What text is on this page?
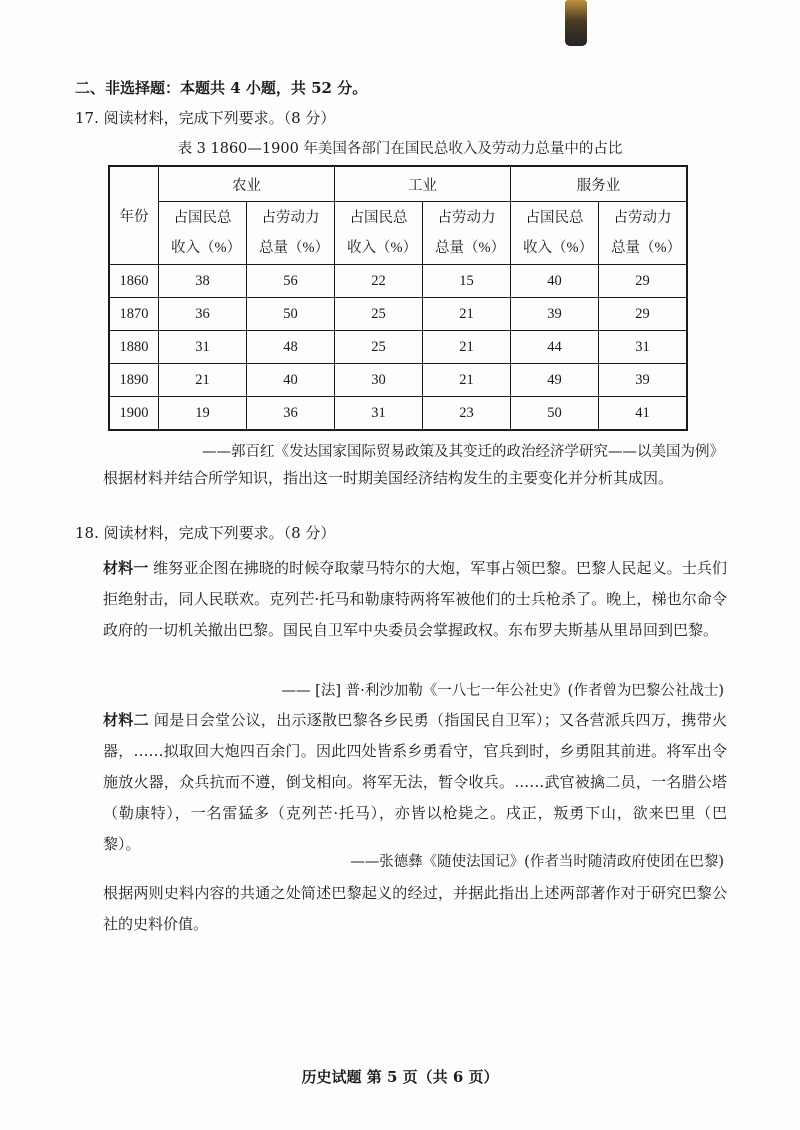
二、非选择题：本题共 4 小题，共 52 分。
17. 阅读材料，完成下列要求。（8 分）
表 3 1860—1900 年美国各部门在国民总收入及劳动力总量中的占比
年份	农业		工业		服务业	
	占国民总收入（%）	占劳动力总量（%）	占国民总收入（%）	占劳动力总量（%）	占国民总收入（%）	占劳动力总量（%）
1860	38	56	22	15	40	29
1870	36	50	25	21	39	29
1880	31	48	25	21	44	31
1890	21	40	30	21	49	39
1900	19	36	31	23	50	41
——郭百红《发达国家国际贸易政策及其变迁的政治经济学研究——以美国为例》
根据材料并结合所学知识，指出这一时期美国经济结构发生的主要变化并分析其成因。
18. 阅读材料，完成下列要求。（8 分）

材料一 维努亚企图在拂晓的时候夺取蒙马特尔的大炮，军事占领巴黎。巴黎人民起义。士兵们拒绝射击，同人民联欢。克列芒·托马和勒康特两将军被他们的士兵枪杀了。晚上，梯也尔命令政府的一切机关撤出巴黎。国民自卫军中央委员会掌握政权。东布罗夫斯基从里昂回到巴黎。

—— [法] 普·利沙加勒《一八七一年公社史》(作者曾为巴黎公社战士)

材料二 闻是日会堂公议，出示逐散巴黎各乡民勇（指国民自卫军）；又各营派兵四万，携带火器，……拟取回大炮四百余门。因此四处皆系乡勇看守，官兵到时，乡勇阻其前进。将军出令施放火器，众兵抗而不遵，倒戈相向。将军无法，暂令收兵。……武官被擒二员，一名腊公塔（勒康特），一名雷猛多（克列芒·托马），亦皆以枪毙之。戌正，叛勇下山，欲来巴里（巴黎）。

——张德彝《随使法国记》(作者当时随清政府使团在巴黎)

根据两则史料内容的共通之处简述巴黎起义的经过，并据此指出上述两部著作对于研究巴黎公社的史料价值。

历史试题 第 5 页（共 6 页）
